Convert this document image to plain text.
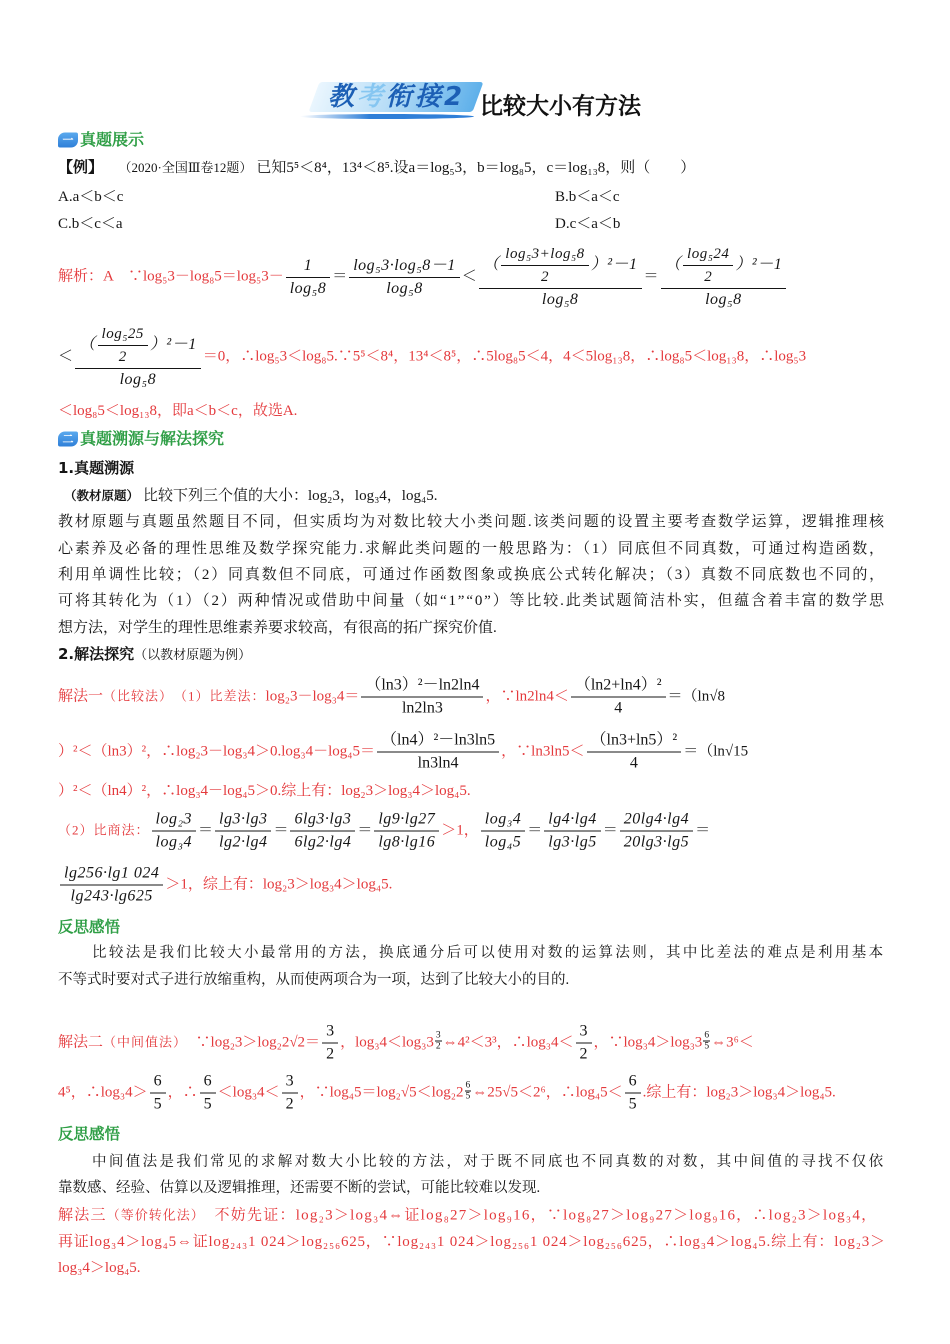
教考衔接2 比较大小有方法
一 真题展示
【例】 （2020·全国Ⅲ卷12题） 已知5⁵＜8⁴，13⁴＜8⁵.设a＝log₅3，b＝log₈5，c＝log₁₃8，则（　　）
A.a＜b＜c	B.b＜a＜c
C.b＜c＜a	D.c＜a＜b
解析：A　∵log₅3－log₈5＝log₅3－ $\frac{1}{\text{log₅8}} = \frac{\text{log₅3·log₅8－1}}{\text{log₅8}} < \frac{( \frac{\text{log₅3+log₅8}}{2} )^2-1}{\text{log₅8}} = \frac{( \frac{\text{log₅24}}{2} )^2-1}{\text{log₅8}}$
＜ $\frac{( \frac{\text{log₅25}}{2} )^2-1}{\text{log₅8}} =0$，∴log₅3＜log₈5.∵5⁵＜8⁴，13⁴＜8⁵，∴5log₈5＜4，4＜5log₁₃8，∴log₈5＜log₁₃8，∴log₅3
＜log₈5＜log₁₃8，即a＜b＜c，故选A.
二 真题溯源与解法探究
1.真题溯源
（教材原题） 比较下列三个值的大小：log₂3，log₃4，log₄5.
教材原题与真题虽然题目不同，但实质均为对数比较大小类问题.该类问题的设置主要考查数学运算，逻辑推理核
心素养及必备的理性思维及数学探究能力.求解此类问题的一般思路为：（1）同底但不同真数，可通过构造函数，
利用单调性比较；（2）同真数但不同底，可通过作函数图象或换底公式转化解决；（3）真数不同底数也不同的，
可将其转化为（1）（2）两种情况或借助中间量（如“1”“0”）等比较.此类试题简洁朴实，但蕴含着丰富的数学思
想方法，对学生的理性思维素养要求较高，有很高的拓广探究价值.
2.解法探究（以教材原题为例）
解法一（比较法）　（1）比差法：$\log_23-\log_34= \frac{\text{（ln3）²－ln2ln4}}{\ln 2\ln 3}$ ，∵ln2ln4＜ $\frac{\text{（ln2+ln4）²}}{4} =(\ln√8$
）²＜（ln3）²，∴log₂3－log₃4＞0.log₃4－log₄5＝ $\frac{\text{（ln4）²－ln3ln5}}{\ln 3\ln 4}$ ，∵ln3ln5＜ $\frac{\text{（ln3+ln5）²}}{4} =(\ln√15$
）²＜（ln4）²，∴log₃4－log₄5＞0.综上有：log₂3＞log₃4＞log₄5.
（2）比商法： $\frac{\text{log₂3}}{\text{log₃4}} = \frac{\lg 3\cdot\lg 3}{\lg 2\cdot\lg 4} = \frac{6\lg 3\cdot\lg 3}{6\lg 2\cdot\lg 4} = \frac{\lg 9\cdot\lg 27}{\lg 8\cdot\lg 16} >1$， $\frac{\text{log₃4}}{\text{log₄5}} = \frac{\lg 4\cdot\lg 4}{\lg 3\cdot\lg 5} = \frac{20\lg 4\cdot\lg 4}{20\lg 3\cdot\lg 5}$ ＝
$\frac{\lg 256\cdot\lg 1 024}{\lg 243\cdot\lg 625} >1$，综上有：log₂3＞log₃4＞log₄5.
反思感悟
比较法是我们比较大小最常用的方法，换底通分后可以使用对数的运算法则，其中比差法的难点是利用基本
不等式时要对式子进行放缩重构，从而使两项合为一项，达到了比较大小的目的.
解法二（中间值法）　∵log₂3＞log₂2√2＝ $\frac{3}{2}$ ，$\log_34<\log_33 \frac{3}{2}$ ⇔4²＜3³，∴log₃4＜ $\frac{3}{2}$ ，∵log₃4＞log₃3 $\frac{6}{5}$ ⇔3⁶＜
4⁵，∴log₃4＞ $\frac{6}{5}$ ，∴ $\frac{6}{5} <\log_34< \frac{3}{2}$ ，∵log₄5＝log₂√5＜log₂2 $\frac{6}{5}$ ⇔25√5＜2⁶，∴log₄5＜ $\frac{6}{5}$ .综上有：log₂3＞log₃4＞log₄5.
反思感悟
中间值法是我们常见的求解对数大小比较的方法，对于既不同底也不同真数的对数，其中间值的寻找不仅依
靠数感、经验、估算以及逻辑推理，还需要不断的尝试，可能比较难以发现.
解法三（等价转化法）　不妨先证：log₂3＞log₃4⇔证log₈27＞log₉16，∵log₈27＞log₉27＞log₉16，∴log₂3＞log₃4，
再证log₃4＞log₄5⇔证log₂₄₃1 024＞log₂₅₆625，∵log₂₄₃1 024＞log₂₅₆1 024＞log₂₅₆625，∴log₃4＞log₄5.综上有：log₂3＞
log₃4＞log₄5.
